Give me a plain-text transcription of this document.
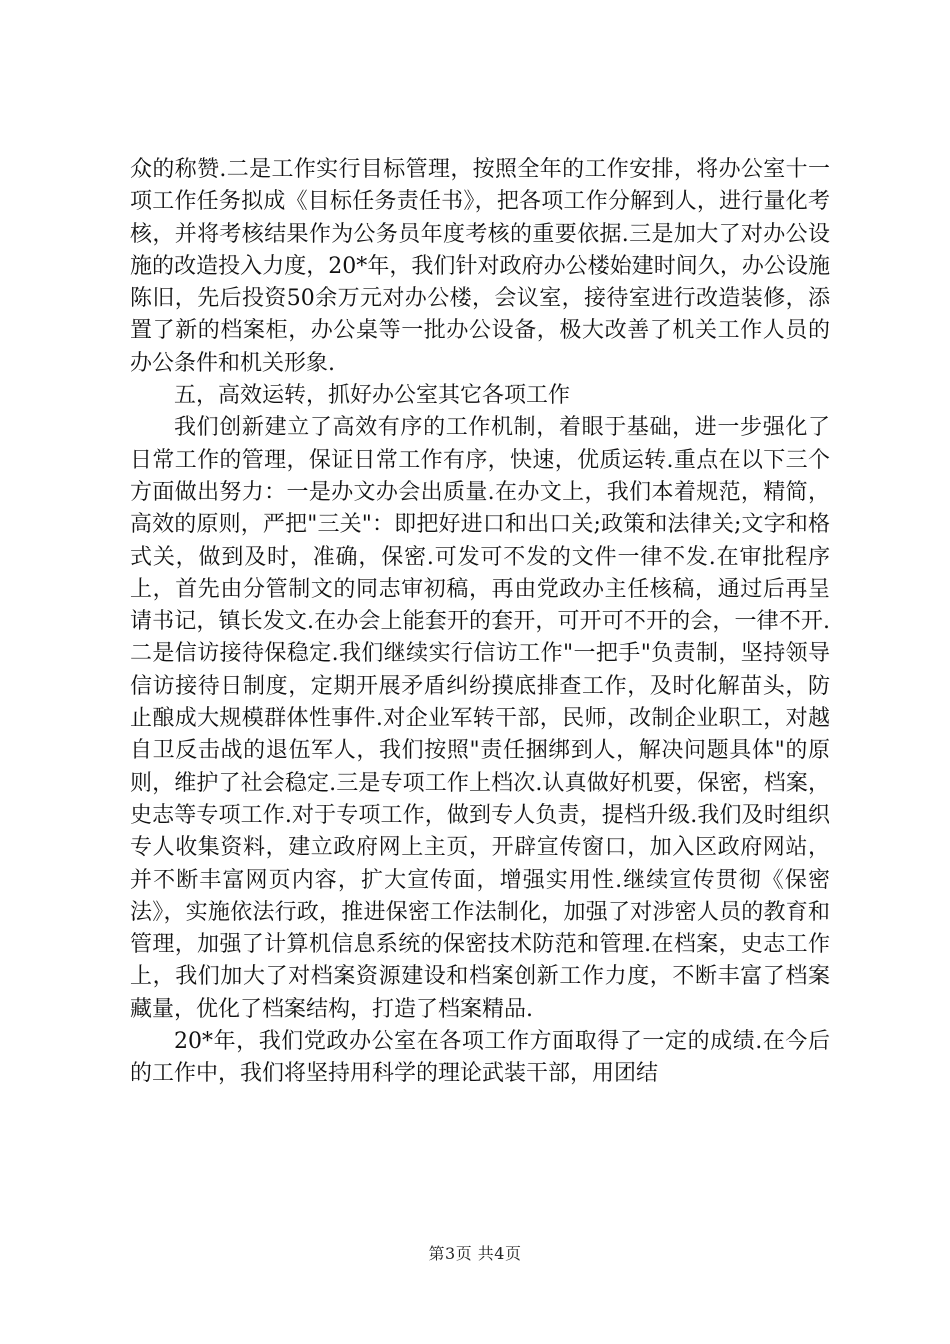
众的称赞.二是工作实行目标管理，按照全年的工作安排，将办公室十一项工作任务拟成《目标任务责任书》，把各项工作分解到人，进行量化考核，并将考核结果作为公务员年度考核的重要依据.三是加大了对办公设施的改造投入力度，20*年，我们针对政府办公楼始建时间久，办公设施陈旧，先后投资50余万元对办公楼，会议室，接待室进行改造装修，添置了新的档案柜，办公桌等一批办公设备，极大改善了机关工作人员的办公条件和机关形象.

五，高效运转，抓好办公室其它各项工作

我们创新建立了高效有序的工作机制，着眼于基础，进一步强化了日常工作的管理，保证日常工作有序，快速，优质运转.重点在以下三个方面做出努力：一是办文办会出质量.在办文上，我们本着规范，精简，高效的原则，严把"三关"：即把好进口和出口关;政策和法律关;文字和格式关，做到及时，准确，保密.可发可不发的文件一律不发.在审批程序上，首先由分管制文的同志审初稿，再由党政办主任核稿，通过后再呈请书记，镇长发文.在办会上能套开的套开，可开可不开的会，一律不开.二是信访接待保稳定.我们继续实行信访工作"一把手"负责制，坚持领导信访接待日制度，定期开展矛盾纠纷摸底排查工作，及时化解苗头，防止酿成大规模群体性事件.对企业军转干部，民师，改制企业职工，对越自卫反击战的退伍军人，我们按照"责任捆绑到人，解决问题具体"的原则，维护了社会稳定.三是专项工作上档次.认真做好机要，保密，档案，史志等专项工作.对于专项工作，做到专人负责，提档升级.我们及时组织专人收集资料，建立政府网上主页，开辟宣传窗口，加入区政府网站，并不断丰富网页内容，扩大宣传面，增强实用性.继续宣传贯彻《保密法》，实施依法行政，推进保密工作法制化，加强了对涉密人员的教育和管理，加强了计算机信息系统的保密技术防范和管理.在档案，史志工作上，我们加大了对档案资源建设和档案创新工作力度，不断丰富了档案藏量，优化了档案结构，打造了档案精品.

20*年，我们党政办公室在各项工作方面取得了一定的成绩.在今后的工作中，我们将坚持用科学的理论武装干部，用团结

第3页 共4页
